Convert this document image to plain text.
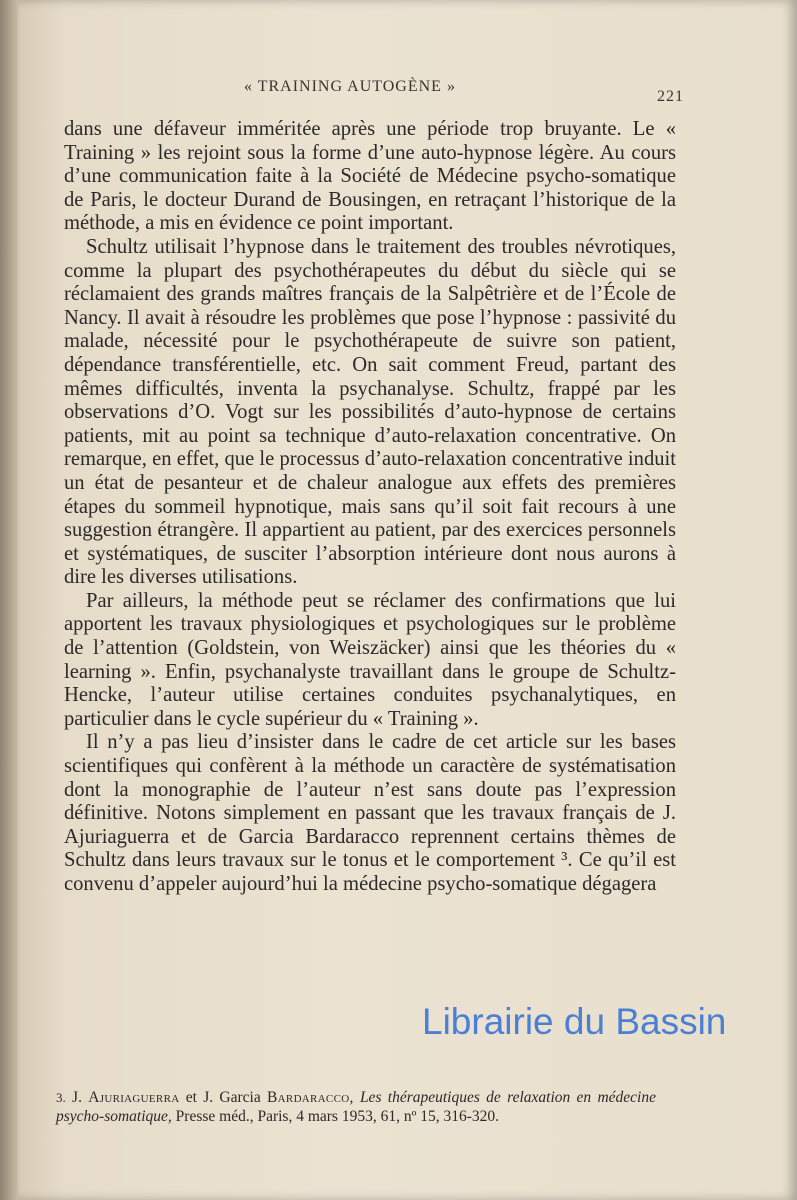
« TRAINING AUTOGÈNE »
221

dans une défaveur imméritée après une période trop bruyante. Le « Training » les rejoint sous la forme d’une auto-hypnose légère. Au cours d’une communication faite à la Société de Médecine psycho-somatique de Paris, le docteur Durand de Bousingen, en retraçant l’historique de la méthode, a mis en évidence ce point important.

Schultz utilisait l’hypnose dans le traitement des troubles névrotiques, comme la plupart des psychothérapeutes du début du siècle qui se réclamaient des grands maîtres français de la Salpêtrière et de l’École de Nancy. Il avait à résoudre les problèmes que pose l’hypnose : passivité du malade, nécessité pour le psychothérapeute de suivre son patient, dépendance transférentielle, etc. On sait comment Freud, partant des mêmes difficultés, inventa la psychanalyse. Schultz, frappé par les observations d’O. Vogt sur les possibilités d’auto-hypnose de certains patients, mit au point sa technique d’auto-relaxation concentrative. On remarque, en effet, que le processus d’auto-relaxation concentrative induit un état de pesanteur et de chaleur analogue aux effets des premières étapes du sommeil hypnotique, mais sans qu’il soit fait recours à une suggestion étrangère. Il appartient au patient, par des exercices personnels et systématiques, de susciter l’absorption intérieure dont nous aurons à dire les diverses utilisations.

Par ailleurs, la méthode peut se réclamer des confirmations que lui apportent les travaux physiologiques et psychologiques sur le problème de l’attention (Goldstein, von Weiszäcker) ainsi que les théories du « learning ». Enfin, psychanalyste travaillant dans le groupe de Schultz-Hencke, l’auteur utilise certaines conduites psychanalytiques, en particulier dans le cycle supérieur du « Training ».

Il n’y a pas lieu d’insister dans le cadre de cet article sur les bases scientifiques qui confèrent à la méthode un caractère de systématisation dont la monographie de l’auteur n’est sans doute pas l’expression définitive. Notons simplement en passant que les travaux français de J. Ajuriaguerra et de Garcia Bardaracco reprennent certains thèmes de Schultz dans leurs travaux sur le tonus et le comportement ³. Ce qu’il est convenu d’appeler aujourd’hui la médecine psycho-somatique dégagera

3. J. Ajuriaguerra et J. Garcia Bardaracco, Les thérapeutiques de relaxation en médecine psycho-somatique, Presse méd., Paris, 4 mars 1953, 61, nº 15, 316-320.
Librairie du Bassin
